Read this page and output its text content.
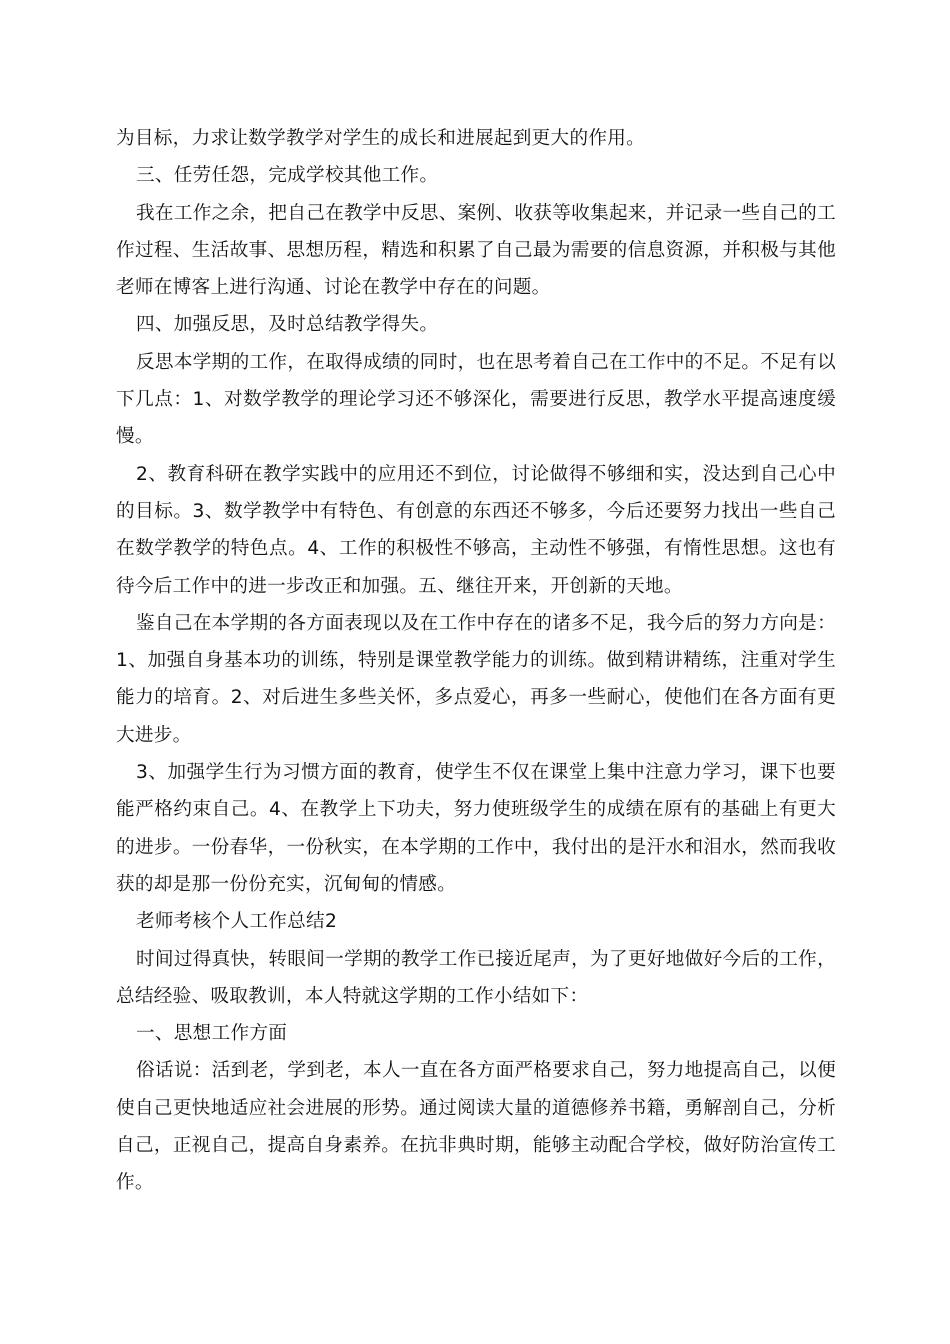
为目标，力求让数学教学对学生的成长和进展起到更大的作用。

三、任劳任怨，完成学校其他工作。

我在工作之余，把自己在教学中反思、案例、收获等收集起来，并记录一些自己的工作过程、生活故事、思想历程，精选和积累了自己最为需要的信息资源，并积极与其他老师在博客上进行沟通、讨论在教学中存在的问题。

四、加强反思，及时总结教学得失。

反思本学期的工作，在取得成绩的同时，也在思考着自己在工作中的不足。不足有以下几点：1、对数学教学的理论学习还不够深化，需要进行反思，教学水平提高速度缓慢。

2、教育科研在教学实践中的应用还不到位，讨论做得不够细和实，没达到自己心中的目标。3、数学教学中有特色、有创意的东西还不够多，今后还要努力找出一些自己在数学教学的特色点。4、工作的积极性不够高，主动性不够强，有惰性思想。这也有待今后工作中的进一步改正和加强。五、继往开来，开创新的天地。

鉴自己在本学期的各方面表现以及在工作中存在的诸多不足，我今后的努力方向是：1、加强自身基本功的训练，特别是课堂教学能力的训练。做到精讲精练，注重对学生能力的培育。2、对后进生多些关怀，多点爱心，再多一些耐心，使他们在各方面有更大进步。

3、加强学生行为习惯方面的教育，使学生不仅在课堂上集中注意力学习，课下也要能严格约束自己。4、在教学上下功夫，努力使班级学生的成绩在原有的基础上有更大的进步。一份春华，一份秋实，在本学期的工作中，我付出的是汗水和泪水，然而我收获的却是那一份份充实，沉甸甸的情感。

老师考核个人工作总结2

时间过得真快，转眼间一学期的教学工作已接近尾声，为了更好地做好今后的工作，总结经验、吸取教训，本人特就这学期的工作小结如下：

一、思想工作方面

俗话说：活到老，学到老，本人一直在各方面严格要求自己，努力地提高自己，以便使自己更快地适应社会进展的形势。通过阅读大量的道德修养书籍，勇解剖自己，分析自己，正视自己，提高自身素养。在抗非典时期，能够主动配合学校，做好防治宣传工作。
